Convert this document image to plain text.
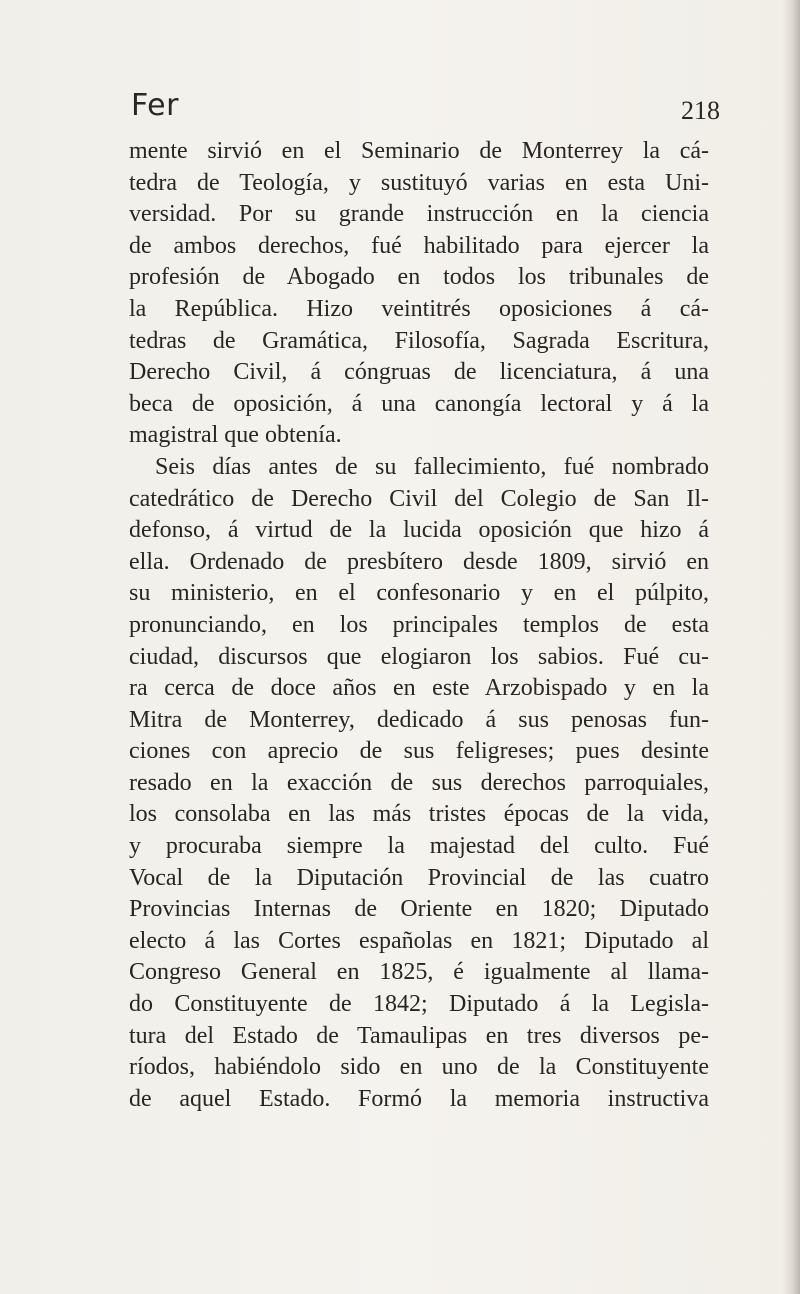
Fer	218
mente sirvió en el Seminario de Monterrey la cá-
tedra de Teología, y sustituyó varias en esta Uni-
versidad. Por su grande instrucción en la ciencia
de ambos derechos, fué habilitado para ejercer la
profesión de Abogado en todos los tribunales de
la República. Hizo veintitrés oposiciones á cá-
tedras de Gramática, Filosofía, Sagrada Escritura,
Derecho Civil, á cóngruas de licenciatura, á una
beca de oposición, á una canongía lectoral y á la
magistral que obtenía.
Seis días antes de su fallecimiento, fué nombrado
catedrático de Derecho Civil del Colegio de San Il-
defonso, á virtud de la lucida oposición que hizo á
ella. Ordenado de presbítero desde 1809, sirvió en
su ministerio, en el confesonario y en el púlpito,
pronunciando, en los principales templos de esta
ciudad, discursos que elogiaron los sabios. Fué cu-
ra cerca de doce años en este Arzobispado y en la
Mitra de Monterrey, dedicado á sus penosas fun-
ciones con aprecio de sus feligreses; pues desinte
resado en la exacción de sus derechos parroquiales,
los consolaba en las más tristes épocas de la vida,
y procuraba siempre la majestad del culto. Fué
Vocal de la Diputación Provincial de las cuatro
Provincias Internas de Oriente en 1820; Diputado
electo á las Cortes españolas en 1821; Diputado al
Congreso General en 1825, é igualmente al llama-
do Constituyente de 1842; Diputado á la Legisla-
tura del Estado de Tamaulipas en tres diversos pe-
ríodos, habiéndolo sido en uno de la Constituyente
de aquel Estado. Formó la memoria instructiva
